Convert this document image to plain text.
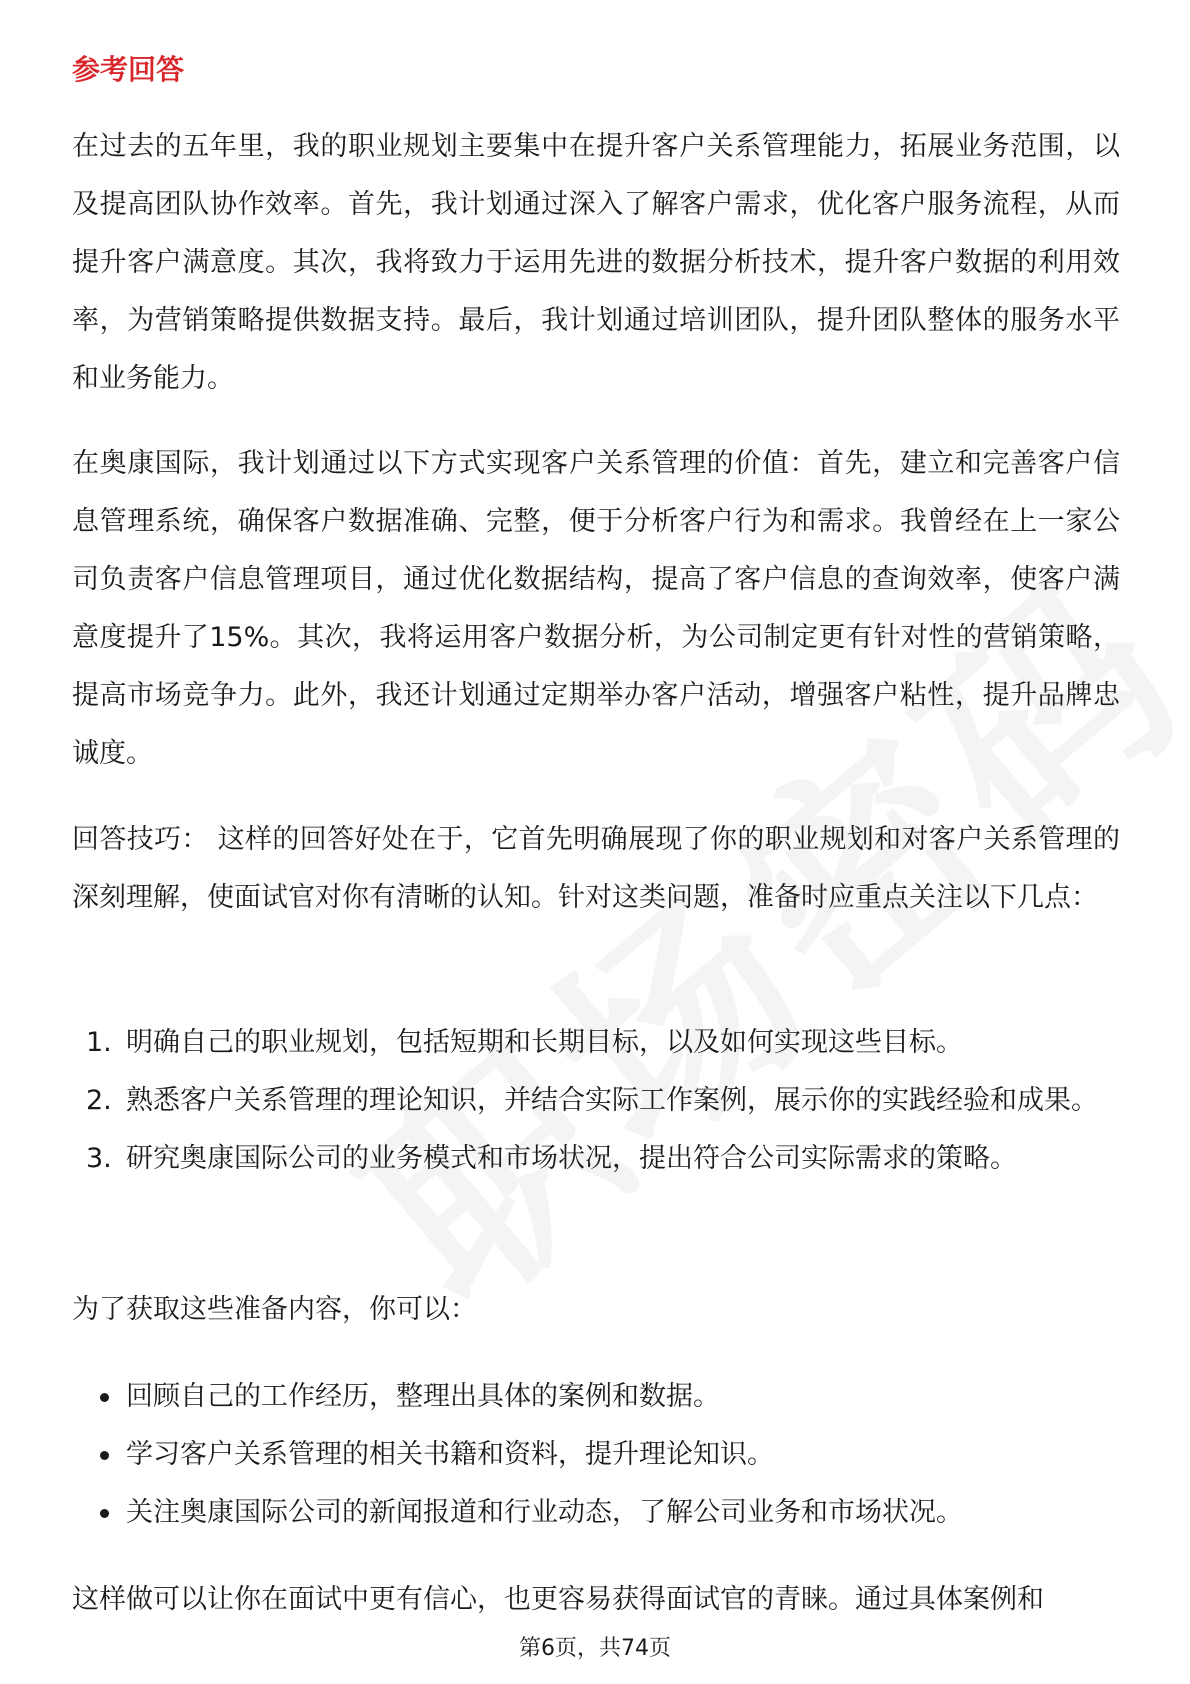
参考回答

在过去的五年里，我的职业规划主要集中在提升客户关系管理能力，拓展业务范围，以及提高团队协作效率。首先，我计划通过深入了解客户需求，优化客户服务流程，从而提升客户满意度。其次，我将致力于运用先进的数据分析技术，提升客户数据的利用效率，为营销策略提供数据支持。最后，我计划通过培训团队，提升团队整体的服务水平和业务能力。

在奥康国际，我计划通过以下方式实现客户关系管理的价值：首先，建立和完善客户信息管理系统，确保客户数据准确、完整，便于分析客户行为和需求。我曾经在上一家公司负责客户信息管理项目，通过优化数据结构，提高了客户信息的查询效率，使客户满意度提升了15%。其次，我将运用客户数据分析，为公司制定更有针对性的营销策略，提高市场竞争力。此外，我还计划通过定期举办客户活动，增强客户粘性，提升品牌忠诚度。

回答技巧： 这样的回答好处在于，它首先明确展现了你的职业规划和对客户关系管理的深刻理解，使面试官对你有清晰的认知。针对这类问题，准备时应重点关注以下几点：

1. 明确自己的职业规划，包括短期和长期目标，以及如何实现这些目标。
2. 熟悉客户关系管理的理论知识，并结合实际工作案例，展示你的实践经验和成果。
3. 研究奥康国际公司的业务模式和市场状况，提出符合公司实际需求的策略。

为了获取这些准备内容，你可以：

回顾自己的工作经历，整理出具体的案例和数据。
学习客户关系管理的相关书籍和资料，提升理论知识。
关注奥康国际公司的新闻报道和行业动态，了解公司业务和市场状况。

这样做可以让你在面试中更有信心，也更容易获得面试官的青睐。通过具体案例和

第6页，共74页
